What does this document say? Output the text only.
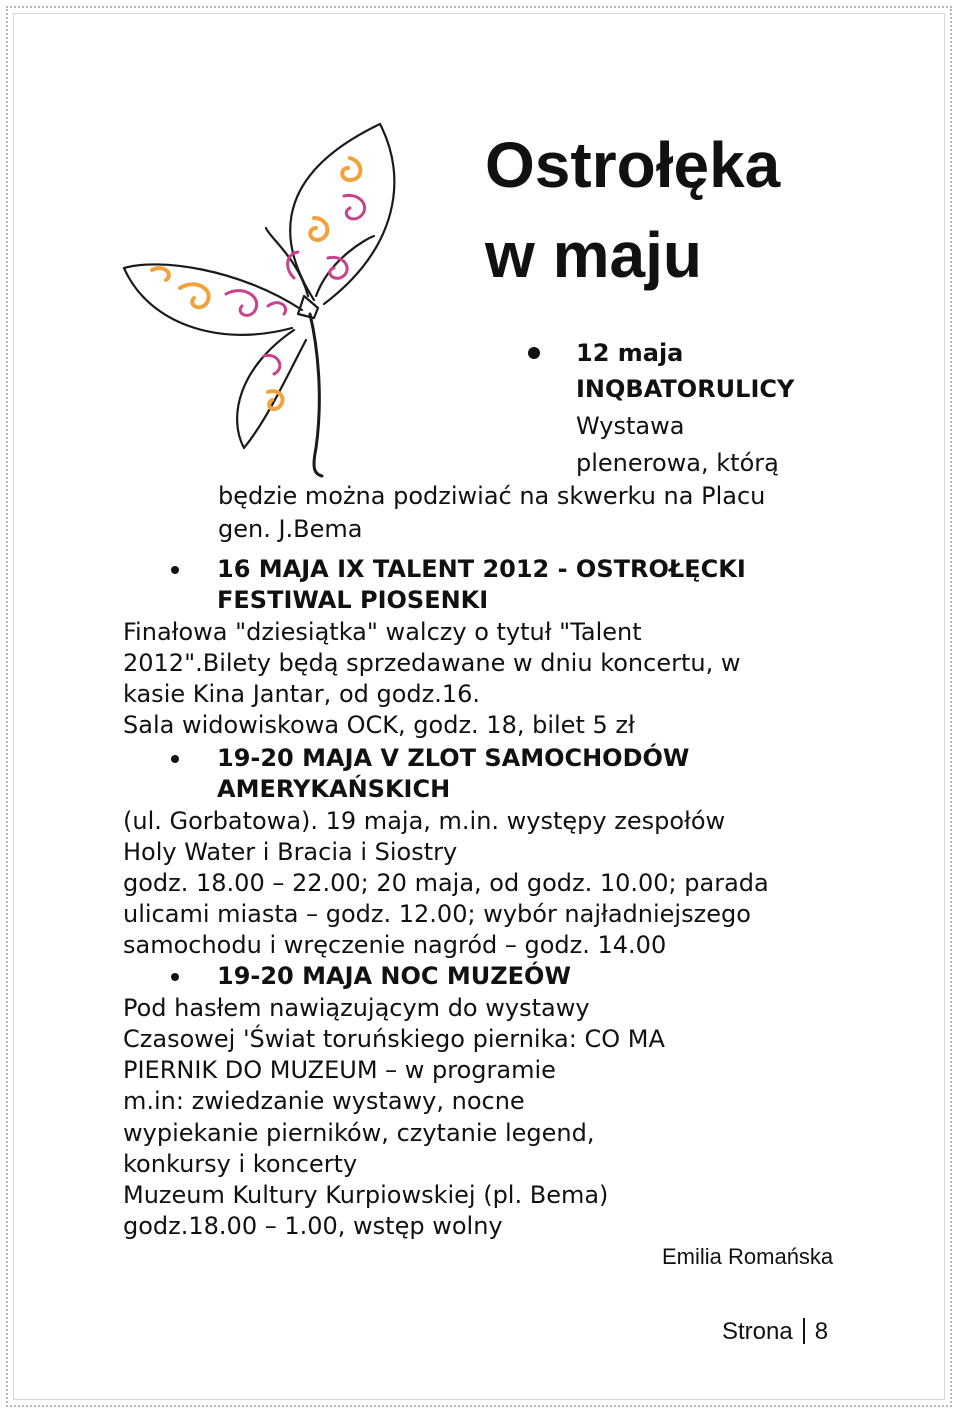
Ostrołęka
w maju

12 maja

INQBATORULICY

Wystawa

plenerowa, którą

będzie można podziwiać na skwerku na Placu

gen. J.Bema

16 MAJA IX TALENT 2012 - OSTROŁĘCKI

FESTIWAL PIOSENKI

Finałowa "dziesiątka" walczy o tytuł "Talent

2012".Bilety będą sprzedawane w dniu koncertu, w

kasie Kina Jantar, od godz.16.

Sala widowiskowa OCK, godz. 18, bilet 5 zł

19-20 MAJA V ZLOT SAMOCHODÓW

AMERYKAŃSKICH

(ul. Gorbatowa). 19 maja, m.in. występy zespołów

Holy Water i Bracia i Siostry

godz. 18.00 – 22.00; 20 maja, od godz. 10.00; parada

ulicami miasta – godz. 12.00; wybór najładniejszego

samochodu i wręczenie nagród – godz. 14.00

19-20 MAJA NOC MUZEÓW

Pod hasłem nawiązującym do wystawy

Czasowej 'Świat toruńskiego piernika: CO MA

PIERNIK DO MUZEUM – w programie

m.in: zwiedzanie wystawy, nocne

wypiekanie pierników, czytanie legend,

konkursy i koncerty

Muzeum Kultury Kurpiowskiej (pl. Bema)

godz.18.00 – 1.00, wstęp wolny

Emilia Romańska

Strona 8
